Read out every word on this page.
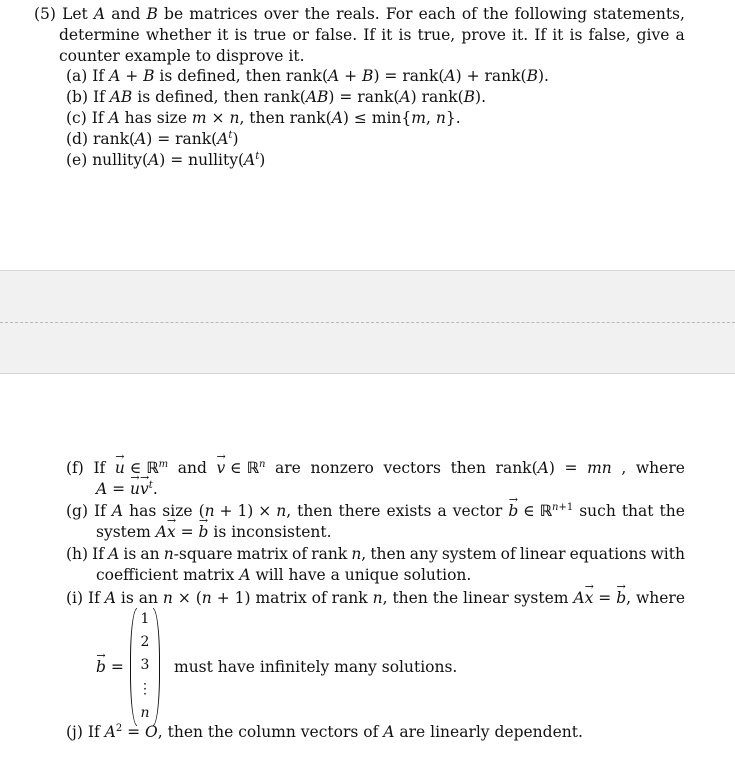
(5) Let A and B be matrices over the reals. For each of the following statements,
determine whether it is true or false. If it is true, prove it. If it is false, give a
counter example to disprove it.
(a) If A + B is defined, then rank(A + B) = rank(A) + rank(B).
(b) If AB is defined, then rank(AB) = rank(A) rank(B).
(c) If A has size m × n, then rank(A) ≤ min{m, n}.
(d) rank(A) = $rank(A^t)$
(e) nullity(A) = $nullity(A^t)$
(f) If u → ∈ ℝ$^m$ and v → ∈ ℝ$^n$ are nonzero vectors then rank(A) = mn , where
A = u →v →$^t$.
(g) If A has size (n + 1) × n, then there exists a vector b → ∈ ℝ$^{n+1}$ such that the
system Ax → = b → is inconsistent.
(h) If A is an n-square matrix of rank n, then any system of linear equations with
coefficient matrix A will have a unique solution.
(i) If A is an n × (n + 1) matrix of rank n, then the linear system Ax → = b →, where
b → =
1
2
3
⋮
n
must have infinitely many solutions.
(j) If $A^2 = O$, then the column vectors of A are linearly dependent.
